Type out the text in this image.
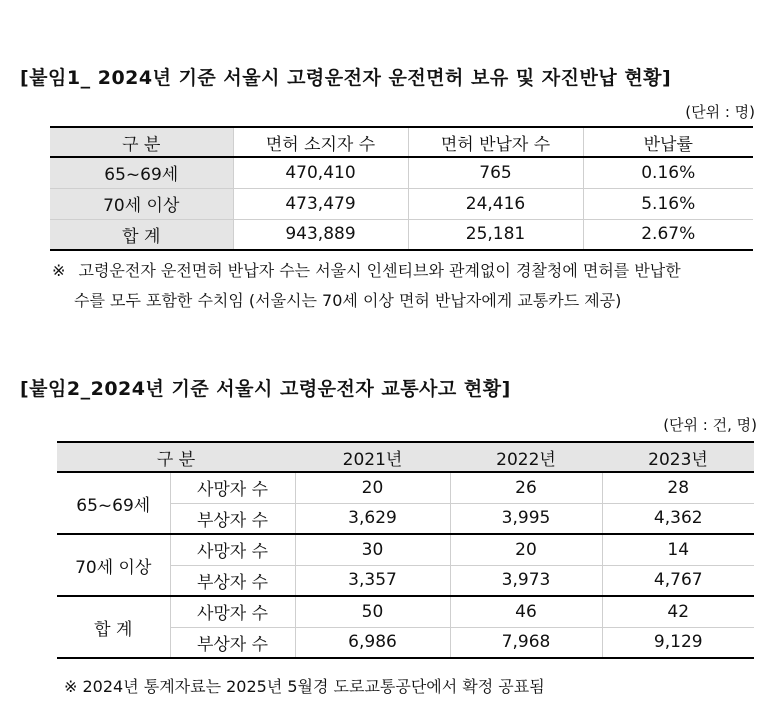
[붙임1_ 2024년 기준 서울시 고령운전자 운전면허 보유 및 자진반납 현황]
(단위 : 명)
구 분	면허 소지자 수	면허 반납자 수	반납률
65~69세	470,410	765	0.16%
70세 이상	473,479	24,416	5.16%
합 계	943,889	25,181	2.67%
※ 고령운전자 운전면허 반납자 수는 서울시 인센티브와 관계없이 경찰청에 면허를 반납한
수를 모두 포함한 수치임 (서울시는 70세 이상 면허 반납자에게 교통카드 제공)
[붙임2_2024년 기준 서울시 고령운전자 교통사고 현황]
(단위 : 건, 명)
구 분		2021년	2022년	2023년
65~69세	사망자 수	20	26	28
	부상자 수	3,629	3,995	4,362
70세 이상	사망자 수	30	20	14
	부상자 수	3,357	3,973	4,767
합 계	사망자 수	50	46	42
	부상자 수	6,986	7,968	9,129
※ 2024년 통계자료는 2025년 5월경 도로교통공단에서 확정 공표됨
